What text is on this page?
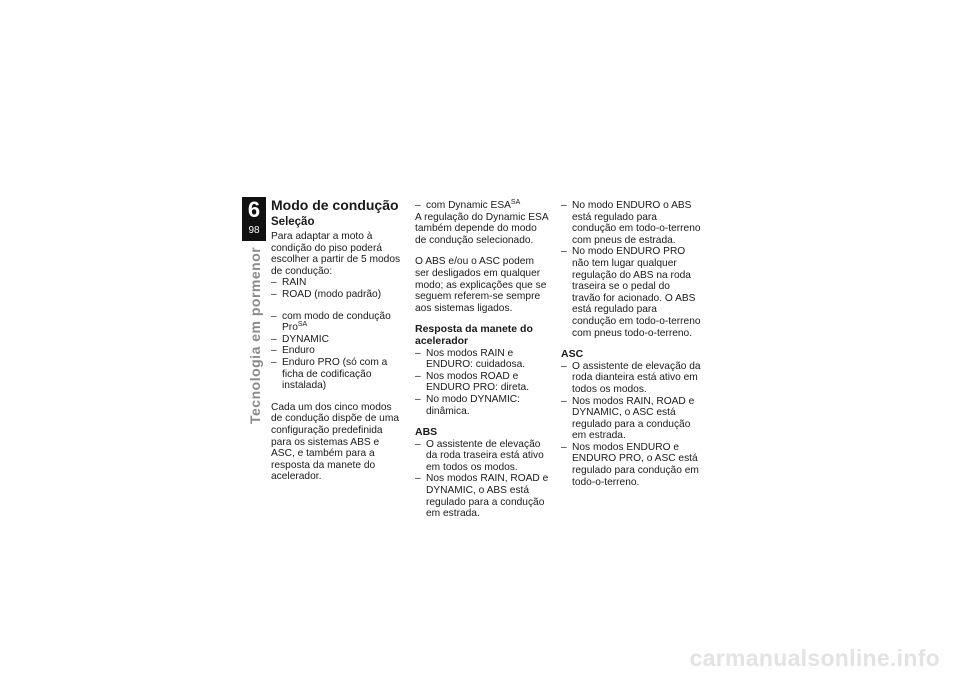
6
98
Tecnologia em pormenor
Modo de condução
Seleção

Para adaptar a moto à condição do piso poderá escolher a partir de 5 modos de condução:

– RAIN
– ROAD (modo padrão)
– com modo de condução Pro$^{SA}$
– DYNAMIC
– Enduro
– Enduro PRO (só com a ficha de codificação instalada)

Cada um dos cinco modos de condução dispõe de uma configuração predefinida para os sistemas ABS e ASC, e também para a resposta da manete do acelerador.

– com Dynamic $ESA^{SA}$

A regulação do Dynamic ESA também depende do modo de condução selecionado.

O ABS e/ou o ASC podem ser desligados em qualquer modo; as explicações que se seguem referem-se sempre aos sistemas ligados.

Resposta da manete do acelerador
– Nos modos RAIN e ENDURO: cuidadosa.
– Nos modos ROAD e ENDURO PRO: direta.
– No modo DYNAMIC: dinâmica.
ABS
– O assistente de elevação da roda traseira está ativo em todos os modos.
– Nos modos RAIN, ROAD e DYNAMIC, o ABS está regulado para a condução em estrada.
– No modo ENDURO o ABS está regulado para condução em todo-o-terreno com pneus de estrada.
– No modo ENDURO PRO não tem lugar qualquer regulação do ABS na roda traseira se o pedal do travão for acionado. O ABS está regulado para condução em todo-o-terreno com pneus todo-o-terreno.
ASC
– O assistente de elevação da roda dianteira está ativo em todos os modos.
– Nos modos RAIN, ROAD e DYNAMIC, o ASC está regulado para a condução em estrada.
– Nos modos ENDURO e ENDURO PRO, o ASC está regulado para condução em todo-o-terreno.
carmanualsonline.info
